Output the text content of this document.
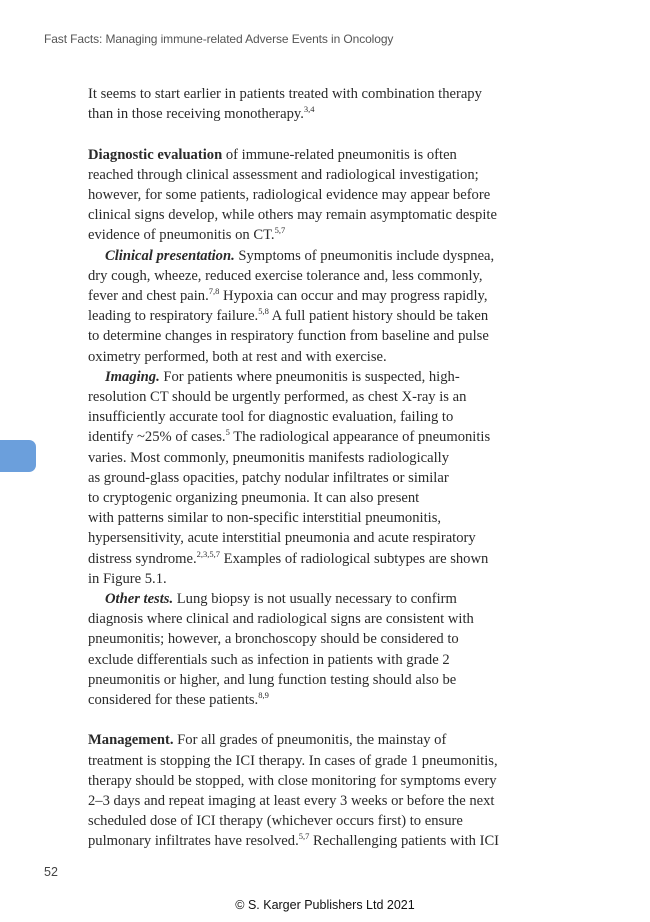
Fast Facts: Managing immune-related Adverse Events in Oncology
It seems to start earlier in patients treated with combination therapy
than in those receiving monotherapy.$^{3,4}$
Diagnostic evaluation of immune-related pneumonitis is often
reached through clinical assessment and radiological investigation;
however, for some patients, radiological evidence may appear before
clinical signs develop, while others may remain asymptomatic despite
evidence of pneumonitis on CT.$^{5,7}$
Clinical presentation. Symptoms of pneumonitis include dyspnea,
dry cough, wheeze, reduced exercise tolerance and, less commonly,
fever and chest pain.$^{7,8}$ Hypoxia can occur and may progress rapidly,
leading to respiratory failure.$^{5,8}$ A full patient history should be taken
to determine changes in respiratory function from baseline and pulse
oximetry performed, both at rest and with exercise.
Imaging. For patients where pneumonitis is suspected, high-
resolution CT should be urgently performed, as chest X-ray is an
insufficiently accurate tool for diagnostic evaluation, failing to
identify ~25% of cases.$^5$ The radiological appearance of pneumonitis
varies. Most commonly, pneumonitis manifests radiologically
as ground-glass opacities, patchy nodular infiltrates or similar
to cryptogenic organizing pneumonia. It can also present
with patterns similar to non-specific interstitial pneumonitis,
hypersensitivity, acute interstitial pneumonia and acute respiratory
distress syndrome.$^{2,3,5,7}$ Examples of radiological subtypes are shown
in Figure 5.1.
Other tests. Lung biopsy is not usually necessary to confirm
diagnosis where clinical and radiological signs are consistent with
pneumonitis; however, a bronchoscopy should be considered to
exclude differentials such as infection in patients with grade 2
pneumonitis or higher, and lung function testing should also be
considered for these patients.$^{8,9}$
Management. For all grades of pneumonitis, the mainstay of
treatment is stopping the ICI therapy. In cases of grade 1 pneumonitis,
therapy should be stopped, with close monitoring for symptoms every
2–3 days and repeat imaging at least every 3 weeks or before the next
scheduled dose of ICI therapy (whichever occurs first) to ensure
pulmonary infiltrates have resolved.$^{5,7}$ Rechallenging patients with ICI
52
© S. Karger Publishers Ltd 2021
